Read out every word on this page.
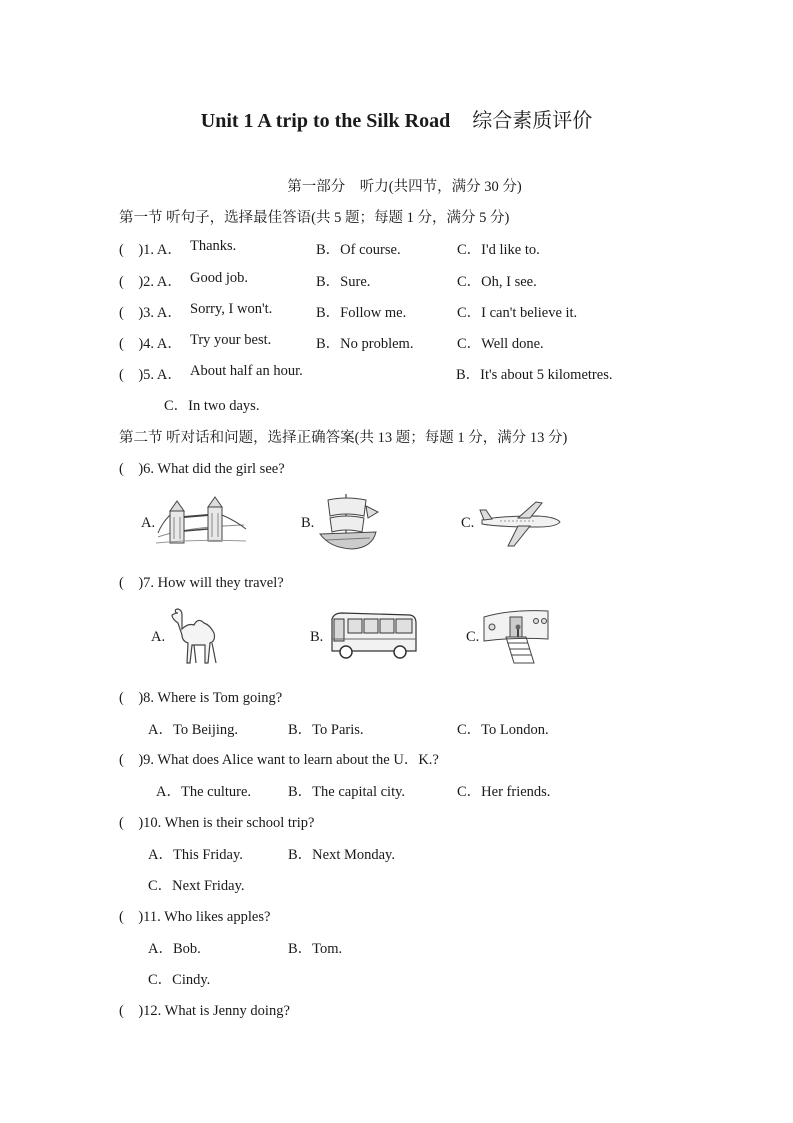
Unit 1 A trip to the Silk Road 综合素质评价
第一部分　听力(共四节，满分 30 分)
第一节 听句子，选择最佳答语(共 5 题；每题 1 分，满分 5 分)
(　)1. A． Thanks.	B．Of course.	C．I'd like to.
(　)2. A． Good job.	B．Sure.	C．Oh, I see.
(　)3. A． Sorry, I won't.	B．Follow me.	C．I can't believe it.
(　)4. A． Try your best.	B．No problem.	C．Well done.
(　)5. A． About half an hour.	B．It's about 5 kilometres.
C．In two days.
第二节 听对话和问题，选择正确答案(共 13 题；每题 1 分，满分 13 分)
(　)6. What did the girl see?
A.	B.	C.
(　)7. How will they travel?
A.	B.	C.
(　)8. Where is Tom going?
A．To Beijing.	B．To Paris.	C．To London.
(　)9. What does Alice want to learn about the U．K.?
A．The culture.	B．The capital city.	C．Her friends.
(　)10. When is their school trip?
A．This Friday.	B．Next Monday.
C．Next Friday.
(　)11. Who likes apples?
A．Bob.	B．Tom.
C．Cindy.
(　)12. What is Jenny doing?
